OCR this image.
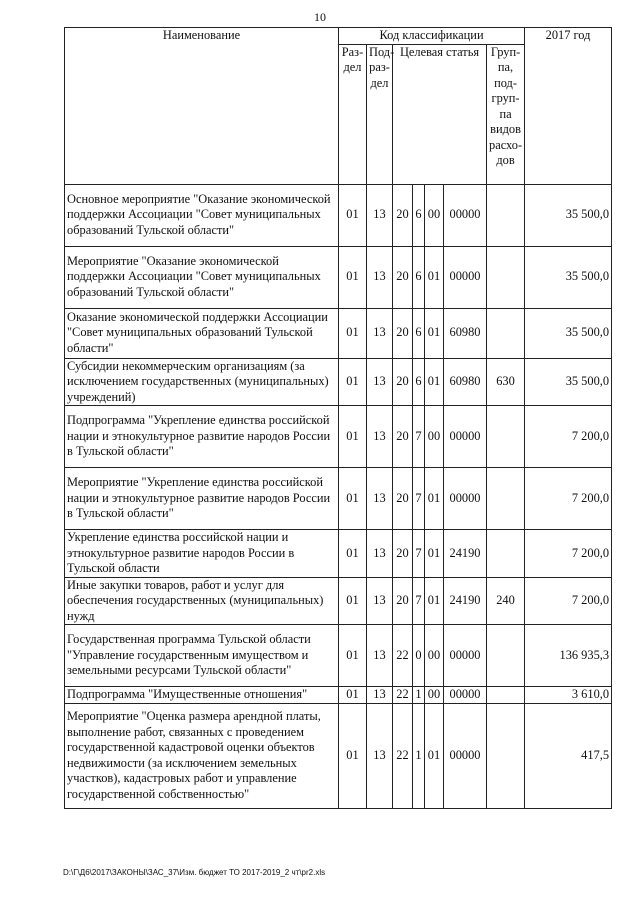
10
Наименование	Код классификации							2017 год
	Раз-дел	Под-раз-дел	Целевая статья				Груп-па, под-груп-па видов расхо-дов	
Основное мероприятие "Оказание экономической поддержки Ассоциации "Совет муниципальных образований Тульской области"	01	13	20	6	00	00000		35 500,0
Мероприятие "Оказание экономической поддержки Ассоциации "Совет муниципальных образований Тульской области"	01	13	20	6	01	00000		35 500,0
Оказание экономической поддержки Ассоциации "Совет муниципальных образований Тульской области"	01	13	20	6	01	60980		35 500,0
Субсидии некоммерческим организациям (за исключением государственных (муниципальных) учреждений)	01	13	20	6	01	60980	630	35 500,0
Подпрограмма "Укрепление единства российской нации и этнокультурное развитие народов России в Тульской области"	01	13	20	7	00	00000		7 200,0
Мероприятие "Укрепление единства российской нации и этнокультурное развитие народов России в Тульской области"	01	13	20	7	01	00000		7 200,0
Укрепление единства российской нации и этнокультурное развитие народов России в Тульской области	01	13	20	7	01	24190		7 200,0
Иные закупки товаров, работ и услуг для обеспечения государственных (муниципальных) нужд	01	13	20	7	01	24190	240	7 200,0
Государственная программа Тульской области "Управление государственным имуществом и земельными ресурсами Тульской области"	01	13	22	0	00	00000		136 935,3
Подпрограмма "Имущественные отношения"	01	13	22	1	00	00000		3 610,0
Мероприятие "Оценка размера арендной платы, выполнение работ, связанных с проведением государственной кадастровой оценки объектов недвижимости (за исключением земельных участков), кадастровых работ и управление государственной собственностью"	01	13	22	1	01	00000		417,5
D:\Г\Д6\2017\ЗАКОНЫ\ЗАС_37\Изм. бюджет ТО 2017-2019_2 чт\pr2.xls
